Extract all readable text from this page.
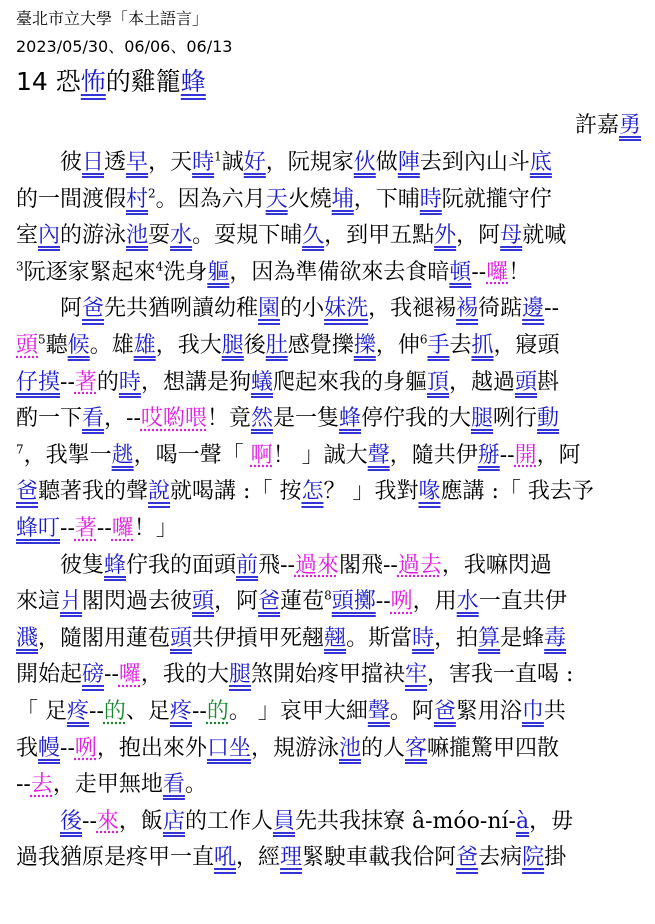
臺北市立大學「本土語言」
2023/05/30、06/06、06/13
14 恐怖的雞籠蜂
許嘉勇
　　彼日透早，天時$^1$誠好，阮規家伙做陣去到內山斗底
的一間渡假村$^2$。因為六月天火燒埔，下晡時阮就攏守佇
室內的游泳池耍水。耍規下晡久，到甲五點外，阿母就喊
$^3$阮逐家緊起來$^4$洗身軀，因為準備欲來去食暗頓--囉！
　　阿爸先共猶咧讀幼稚園的小妹洗，我褪裼裼徛踮邊--
頭$^5$聽候。雄雄，我大腿後肚感覺擽擽，伸$^6$手去抓，寢頭
仔摸--著的時，想講是狗蟻爬起來我的身軀頂，越過頭斟
酌一下看，--哎喲喂！竟然是一隻蜂停佇我的大腿咧行動
$^7$，我掣一趒，喝一聲「 啊！ 」誠大聲，隨共伊掰--開，阿
爸聽著我的聲說就喝講 :「 按怎？ 」我對喙應講 :「 我去予
蜂叮--著--囉！」
　　彼隻蜂佇我的面頭前飛--過來閣飛--過去，我嘛閃過
來這爿閣閃過去彼頭，阿爸蓮苞$^8$頭擲--咧，用水一直共伊
濺，隨閣用蓮苞頭共伊摃甲死翹翹。斯當時，拍算是蜂毒
開始起磅--囉，我的大腿煞開始疼甲擋袂牢，害我一直喝 :
「 足疼--的、足疼--的。 」哀甲大細聲。阿爸緊用浴巾共
我幔--咧，抱出來外口坐，規游泳池的人客嘛攏驚甲四散
--去，走甲無地看。
　　後--來，飯店的工作人員先共我抹寮 â-móo-ní-à，毋
過我猶原是疼甲一直吼，經理緊駛車載我佮阿爸去病院掛
